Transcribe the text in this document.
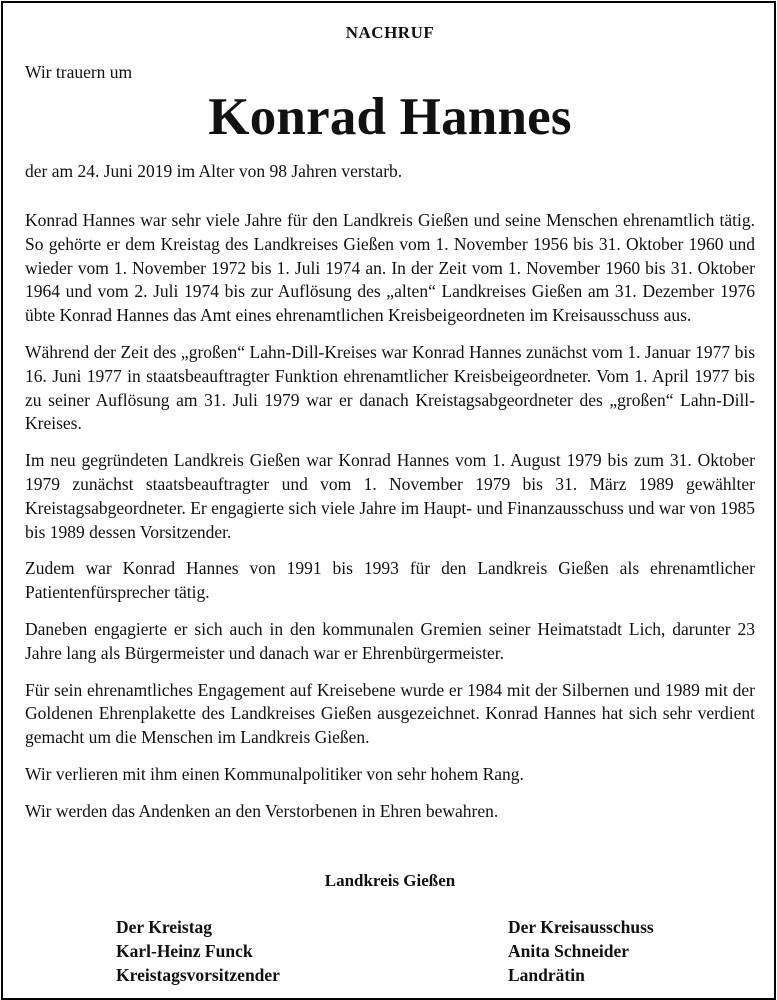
NACHRUF
Wir trauern um
Konrad Hannes
der am 24. Juni 2019 im Alter von 98 Jahren verstarb.

Konrad Hannes war sehr viele Jahre für den Landkreis Gießen und seine Menschen ehrenamtlich tätig. So gehörte er dem Kreistag des Landkreises Gießen vom 1. November 1956 bis 31. Oktober 1960 und wieder vom 1. November 1972 bis 1. Juli 1974 an. In der Zeit vom 1. November 1960 bis 31. Oktober 1964 und vom 2. Juli 1974 bis zur Auflösung des „alten“ Landkreises Gießen am 31. Dezember 1976 übte Konrad Hannes das Amt eines ehrenamtlichen Kreisbeigeordneten im Kreisausschuss aus.

Während der Zeit des „großen“ Lahn-Dill-Kreises war Konrad Hannes zunächst vom 1. Januar 1977 bis 16. Juni 1977 in staatsbeauftragter Funktion ehrenamtlicher Kreisbeigeordneter. Vom 1. April 1977 bis zu seiner Auflösung am 31. Juli 1979 war er danach Kreistagsabgeordneter des „großen“ Lahn-Dill-Kreises.

Im neu gegründeten Landkreis Gießen war Konrad Hannes vom 1. August 1979 bis zum 31. Oktober 1979 zunächst staatsbeauftragter und vom 1. November 1979 bis 31. März 1989 gewählter Kreistagsabgeordneter. Er engagierte sich viele Jahre im Haupt- und Finanzausschuss und war von 1985 bis 1989 dessen Vorsitzender.

Zudem war Konrad Hannes von 1991 bis 1993 für den Landkreis Gießen als ehrenamtlicher Patientenfürsprecher tätig.

Daneben engagierte er sich auch in den kommunalen Gremien seiner Heimatstadt Lich, darunter 23 Jahre lang als Bürgermeister und danach war er Ehrenbürgermeister.

Für sein ehrenamtliches Engagement auf Kreisebene wurde er 1984 mit der Silbernen und 1989 mit der Goldenen Ehrenplakette des Landkreises Gießen ausgezeichnet. Konrad Hannes hat sich sehr verdient gemacht um die Menschen im Landkreis Gießen.

Wir verlieren mit ihm einen Kommunalpolitiker von sehr hohem Rang.

Wir werden das Andenken an den Verstorbenen in Ehren bewahren.

Landkreis Gießen
Der Kreistag
Karl-Heinz Funck
Kreistagsvorsitzender
Der Kreisausschuss
Anita Schneider
Landrätin
